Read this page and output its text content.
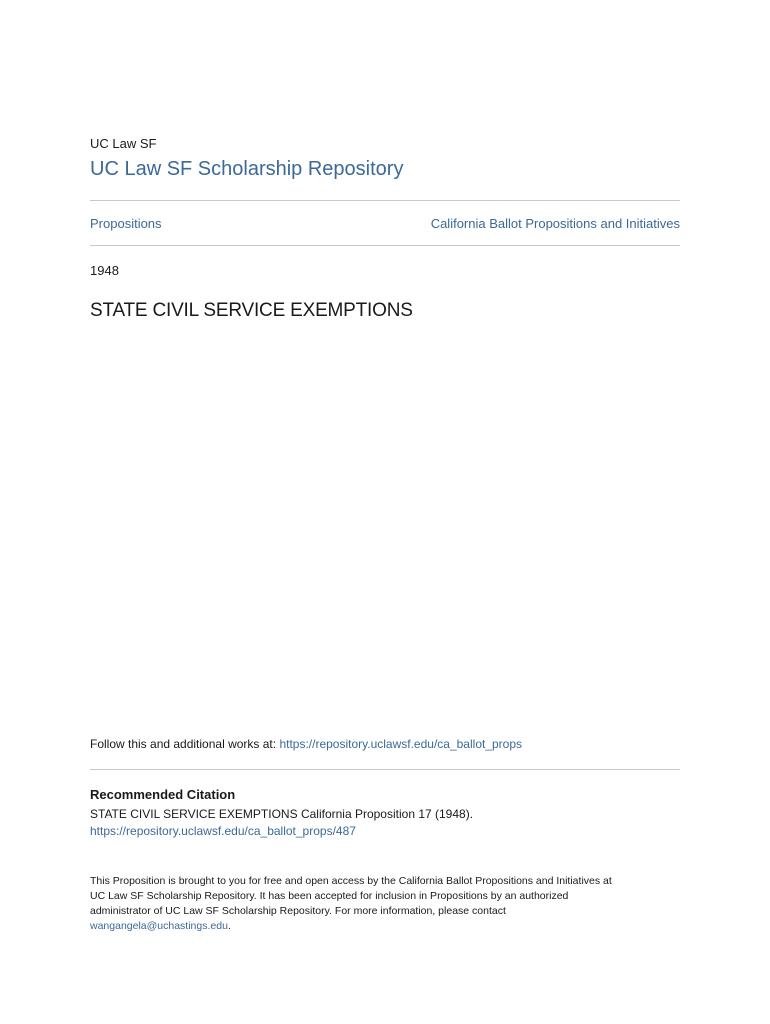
UC Law SF
UC Law SF Scholarship Repository
Propositions	California Ballot Propositions and Initiatives
1948
STATE CIVIL SERVICE EXEMPTIONS
Follow this and additional works at: https://repository.uclawsf.edu/ca_ballot_props
Recommended Citation
STATE CIVIL SERVICE EXEMPTIONS California Proposition 17 (1948).
https://repository.uclawsf.edu/ca_ballot_props/487
This Proposition is brought to you for free and open access by the California Ballot Propositions and Initiatives at
UC Law SF Scholarship Repository. It has been accepted for inclusion in Propositions by an authorized
administrator of UC Law SF Scholarship Repository. For more information, please contact
wangangela@uchastings.edu.
